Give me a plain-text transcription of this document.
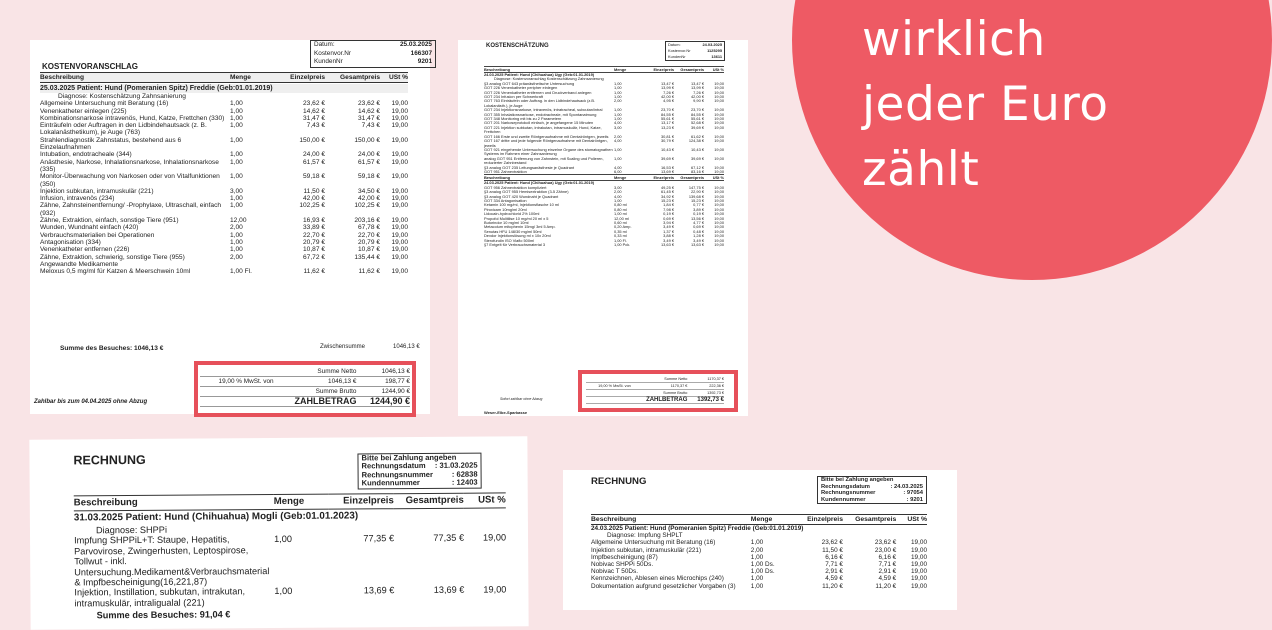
wirklich
jeder Euro
zählt
KOSTENVORANSCHLAG
Datum:	25.03.2025
Kostenvor.Nr	166307
KundenNr	9201
Beschreibung	Menge	Einzelpreis	Gesamtpreis	USt %
25.03.2025 Patient: Hund (Pomeranien Spitz) Freddie (Geb:01.01.2019)				
Diagnose: Kostenschätzung Zahnsanierung				
Allgemeine Untersuchung mit Beratung (16)	1,00	23,62 €	23,62 €	19,00
Venenkatheter einlegen (225)	1,00	14,62 €	14,62 €	19,00
Kombinationsnarkose intravenös, Hund, Katze, Frettchen (330)	1,00	31,47 €	31,47 €	19,00
Einträufeln oder Auftragen in den Lidbindehautsack (z. B. Lokalanästhetikum), je Auge (763)	1,00	7,43 €	7,43 €	19,00
Strahlendiagnostik Zahnstatus, bestehend aus 6 Einzelaufnahmen	1,00	150,00 €	150,00 €	19,00
Intubation, endotracheale (344)	1,00	24,00 €	24,00 €	19,00
Anästhesie, Narkose, Inhalationsnarkose, Inhalationsnarkose (335)	1,00	61,57 €	61,57 €	19,00
Monitor-Überwachung von Narkosen oder von Vitalfunktionen (350)	1,00	59,18 €	59,18 €	19,00
Injektion subkutan, intramuskulär (221)	3,00	11,50 €	34,50 €	19,00
Infusion, intravenös (234)	1,00	42,00 €	42,00 €	19,00
Zähne, Zahnsteinentfernung/ -Prophylaxe, Ultraschall, einfach (932)	1,00	102,25 €	102,25 €	19,00
Zähne, Extraktion, einfach, sonstige Tiere (951)	12,00	16,93 €	203,16 €	19,00
Wunden, Wundnaht einfach (420)	2,00	33,89 €	67,78 €	19,00
Verbrauchsmaterialien bei Operationen	1,00	22,70 €	22,70 €	19,00
Antagonisation (334)	1,00	20,79 €	20,79 €	19,00
Venenkatheter entfernen (226)	1,00	10,87 €	10,87 €	19,00
Zähne, Extraktion, schwierig, sonstige Tiere (955)	2,00	67,72 €	135,44 €	19,00
Angewandte Medikamente				
Meloxus 0,5 mg/ml für Katzen & Meerschwein 10ml	1,00 Fl.	11,62 €	11,62 €	19,00
Summe des Besuches: 1046,13 €	Zwischensumme	1046,13 €
	Summe Netto	1046,13 €
19,00 % MwSt. von	1046,13 €	198,77 €
	Summe Brutto	1244,90 €
	ZAHLBETRAG	1244,90 €
Zahlbar bis zum 04.04.2025 ohne Abzug
KOSTENSCHÄTZUNG	Datum:	24.03.2025
Kostenvor.Nr	1125295
KundenNr	13611
Beschreibung	Menge	Einzelpreis	Gesamtpreis	USt %
24.03.2025 Patient: Hund (Chihuahua) Ugy (Geb:01.01.2019)				
Diagnose: Kostenvoranschlag Kostenschätzung Zahnsanierung				
§3 analog GOT 643 präanästhetische Untersuchung	1,00	13,47 €	13,47 €	19,00
GOT 226 Venenkatheter peripher einlegen	1,00	13,99 €	13,99 €	19,00
GOT 226 Venenkatheter entfernen und Druckverband anlegen	1,00	7,26 €	7,26 €	19,00
GOT 234 Infusion per Schwerkraft	1,00	42,00 €	42,00 €	19,00
GOT 763 Einträufeln oder Auftrag. in den Lidbindehautsack (z.B. Lokalanästh.), je Auge	2,00	4,95 €	9,90 €	19,00
GOT 234 Injektionsnarkose, intravenös, intratracheal, subcutan/intral	1,00	23,70 €	23,70 €	19,00
GOT 355 Inhalationsnarkose, endotracheale, mit Spontanatmung	1,00	84,55 €	84,55 €	19,00
GOT 348 Monitoring mit bis zu 2 Parametern	1,00	55,61 €	55,61 €	19,00
GOT 201 Narkoseprotokoll einfach, je angefangene 15 Minuten	4,00	13,17 €	52,68 €	19,00
GOT 221 Injektion subkutan, intrakutan, intramuskulär, Hund, Katze, Frettchen	3,00	13,23 €	39,69 €	19,00
GOT 166 Erste und zweite Röntgenaufnahme mit Dentalröntgen, jeweils	2,00	30,81 €	61,62 €	19,00
GOT 167 dritte und jede folgende Röntgenaufnahme mit Dentalröntgen, jeweils	4,00	30,79 €	124,38 €	19,00
GOT 921 eingehende Untersuchung einzelne Organe des stomatognathen Systems im Rahmen einer Zahnsanierung	1,00	10,43 €	10,43 €	19,00
analog GOT 951 Entfernung von Zahnstein, mit Scaling und Polieren, reduzierter Zahnbestand	1,00	39,69 €	39,69 €	19,00
§3 analog GOT 235 Leitungsanästhesie je Quadrant	4,00	16,53 €	67,12 €	19,00
GOT 951 Zahnextraktion	6,00	13,69 €	83,16 €	19,00
Beschreibung	Menge	Einzelpreis	Gesamtpreis	USt %
24.03.2025 Patient: Hund (Chihuahua) Ugy (Geb:01.01.2019)				
GOT 956 Zahnextraktion kompliziert	3,00	49,25 €	147,75 €	19,00
§3 analog GOT 955 Hemisextraktion (3-5 Zähne)	2,00	61,45 €	22,90 €	19,00
§3 analog GOT 420 Wundnaht je Quadrant	4,00	34,92 €	139,68 €	19,00
GOT 334 Antagonisation	1,00	15,23 €	15,23 €	19,00
Ketamin 100 mg/ml, Injektionsflasche 10 ml	0,80 ml	1,84 €	0,77 €	19,00
Piroxicam 10mg/ml 20ml	0,80 ml	7,98 €	3,89 €	19,00
Lidocain-hydrochlorid 2% 100ml	1,00 ml	0,19 €	0,19 €	19,00
Propofol Mulitilise 10 mg/ml 20 ml x 5	12,00 ml	0,69 €	13,56 €	19,00
Butorindor 10 mg/ml 10ml	0,60 ml	3,94 €	4,77 €	19,00
Metacolum mitophenin 15mg/ 3ml 5 Amp.	0,20 Amp.	3,49 €	0,69 €	19,00
Senutas HFU 148/30 mg/ml 50ml	0,35 ml	1,37 €	0,48 €	19,00
Dexdor Injektionslösung ml x 10x 20ml	0,33 ml	3,88 €	1,28 €	19,00
Sterofundin ISO Viaflo 500ml	1,00 Fl.	3,49 €	3,49 €	19,00
§7 Entgelt für Verbrauchsmaterial 3	1,00 Pck.	13,63 €	13,63 €	19,00
	Summe Netto	1170,37 €
19,00 % MwSt. von	1170,37 €	222,36 €
	Summe Brutto	1392,73 €
	ZAHLBETRAG	1392,73 €
Sofort zahlbar ohne Abzug
Weser-Elbe-Sparkasse
RECHNUNG	Bitte bei Zahlung angeben
Rechnungsdatum : 31.03.2025
Rechnungsnummer : 62838
Kundennummer	: 12403
Beschreibung	Menge	Einzelpreis	Gesamtpreis	USt %
31.03.2025 Patient: Hund (Chihuahua) Mogli (Geb:01.01.2023)				
Diagnose: SHPPi				
Impfung SHPPiL+T: Staupe, Hepatitis, Parvovirose, Zwingerhusten, Leptospirose, Tollwut - inkl. Untersuchung.Medikament&Verbrauchsmaterial & Impfbescheinigung(16,221,87)	1,00	77,35 €	77,35 €	19,00
Injektion, Instillation, subkutan, intrakutan, intramuskulär, intraligualal (221)	1,00	13,69 €	13,69 €	19,00
Summe des Besuches: 91,04 €				
RECHNUNG	Bitte bei Zahlung angeben
Rechnungsdatum	: 24.03.2025
Rechnungsnummer	: 97054
Kundennummer	: 9201
Beschreibung	Menge	Einzelpreis	Gesamtpreis	USt %
24.03.2025 Patient: Hund (Pomeranien Spitz) Freddie (Geb:01.01.2019)				
Diagnose: Impfung SHPLT				
Allgemeine Untersuchung mit Beratung (16)	1,00	23,62 €	23,62 €	19,00
Injektion subkutan, intramuskulär (221)	2,00	11,50 €	23,00 €	19,00
Impfbescheinigung (87)	1,00	6,16 €	6,16 €	19,00
Nobivac SHPPi 50Ds.	1,00 Ds.	7,71 €	7,71 €	19,00
Nobivac T 50Ds.	1,00 Ds.	2,91 €	2,91 €	19,00
Kennzeichnen, Ablesen eines Microchips (240)	1,00	4,59 €	4,59 €	19,00
Dokumentation aufgrund gesetzlicher Vorgaben (3)	1,00	11,20 €	11,20 €	19,00
